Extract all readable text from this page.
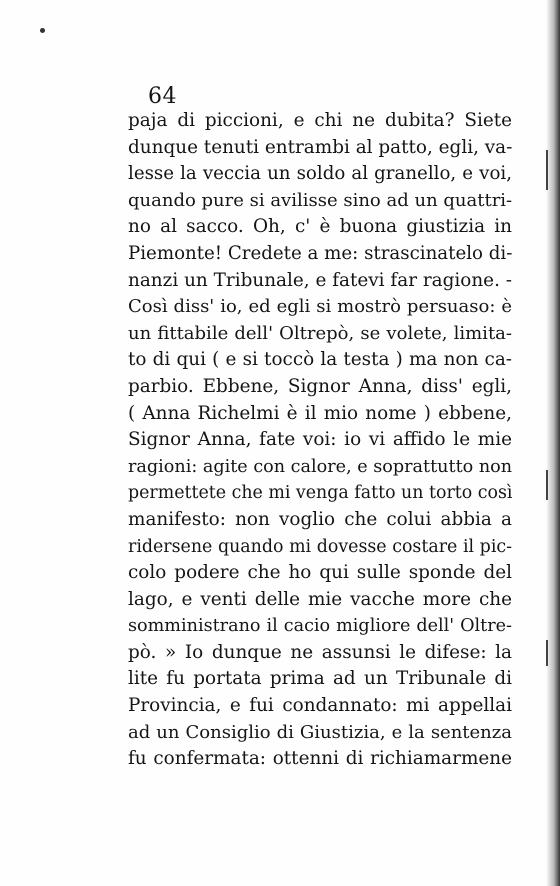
64
paja di piccioni, e chi ne dubita? Siete
dunque tenuti entrambi al patto, egli, va-
lesse la veccia un soldo al granello, e voi,
quando pure si avilisse sino ad un quattri-
no al sacco. Oh, c' è buona giustizia in
Piemonte! Credete a me: strascinatelo di-
nanzi un Tribunale, e fatevi far ragione. -
Così diss' io, ed egli si mostrò persuaso: è
un fittabile dell' Oltrepò, se volete, limita-
to di qui ( e si toccò la testa ) ma non ca-
parbio. Ebbene, Signor Anna, diss' egli,
( Anna Richelmi è il mio nome ) ebbene,
Signor Anna, fate voi: io vi affido le mie
ragioni: agite con calore, e soprattutto non
permettete che mi venga fatto un torto così
manifesto: non voglio che colui abbia a
ridersene quando mi dovesse costare il pic-
colo podere che ho qui sulle sponde del
lago, e venti delle mie vacche more che
somministrano il cacio migliore dell' Oltre-
pò. » Io dunque ne assunsi le difese: la
lite fu portata prima ad un Tribunale di
Provincia, e fui condannato: mi appellai
ad un Consiglio di Giustizia, e la sentenza
fu confermata: ottenni di richiamarmene
